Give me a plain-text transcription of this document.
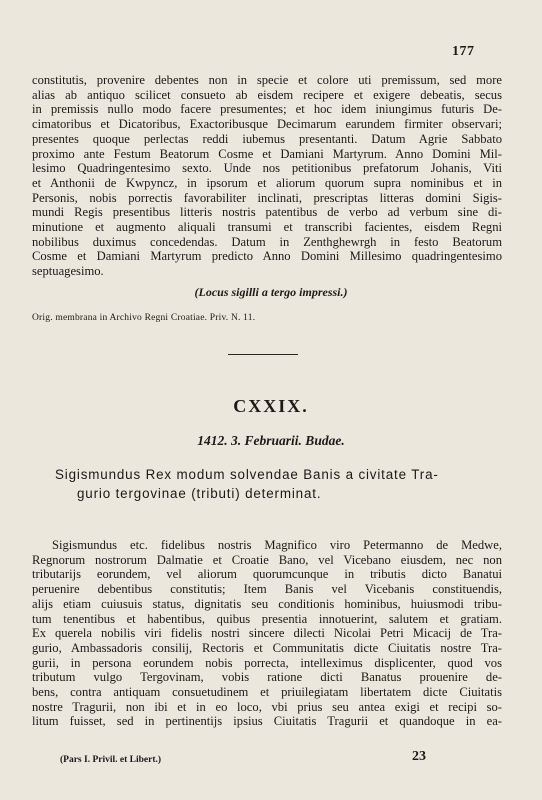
177
constitutis, provenire debentes non in specie et colore uti premissum, sed more
alias ab antiquo scilicet consueto ab eisdem recipere et exigere debeatis, secus
in premissis nullo modo facere presumentes; et hoc idem iniungimus futuris De-
cimatoribus et Dicatoribus, Exactoribusque Decimarum earundem firmiter observari;
presentes quoque perlectas reddi iubemus presentanti. Datum Agrie Sabbato
proximo ante Festum Beatorum Cosme et Damiani Martyrum. Anno Domini Mil-
lesimo Quadringentesimo sexto. Unde nos petitionibus prefatorum Johanis, Viti
et Anthonii de Kwpyncz, in ipsorum et aliorum quorum supra nominibus et in
Personis, nobis porrectis favorabiliter inclinati, prescriptas litteras domini Sigis-
mundi Regis presentibus litteris nostris patentibus de verbo ad verbum sine di-
minutione et augmento aliquali transumi et transcribi facientes, eisdem Regni
nobilibus duximus concedendas. Datum in Zenthghewrgh in festo Beatorum
Cosme et Damiani Martyrum predicto Anno Domini Millesimo quadringentesimo
septuagesimo.
(Locus sigilli a tergo impressi.)
Orig. membrana in Archivo Regni Croatiae. Priv. N. 11.
CXXIX.
1412. 3. Februarii. Budae.
Sigismundus Rex modum solvendae Banis a civitate Tra-
gurio tergovinae (tributi) determinat.
Sigismundus etc. fidelibus nostris Magnifico viro Petermanno de Medwe,
Regnorum nostrorum Dalmatie et Croatie Bano, vel Vicebano eiusdem, nec non
tributarijs eorundem, vel aliorum quorumcunque in tributis dicto Banatui
peruenire debentibus constitutis; Item Banis vel Vicebanis constituendis,
alijs etiam cuiusuis status, dignitatis seu conditionis hominibus, huiusmodi tribu-
tum tenentibus et habentibus, quibus presentia innotuerint, salutem et gratiam.
Ex querela nobilis viri fidelis nostri sincere dilecti Nicolai Petri Micacij de Tra-
gurio, Ambassadoris consilij, Rectoris et Communitatis dicte Ciuitatis nostre Tra-
gurii, in persona eorundem nobis porrecta, intelleximus displicenter, quod vos
tributum vulgo Tergovinam, vobis ratione dicti Banatus prouenire de-
bens, contra antiquam consuetudinem et priuilegiatam libertatem dicte Ciuitatis
nostre Tragurii, non ibi et in eo loco, vbi prius seu antea exigi et recipi so-
litum fuisset, sed in pertinentijs ipsius Ciuitatis Tragurii et quandoque in ea-
(Pars I. Privil. et Libert.)	23
